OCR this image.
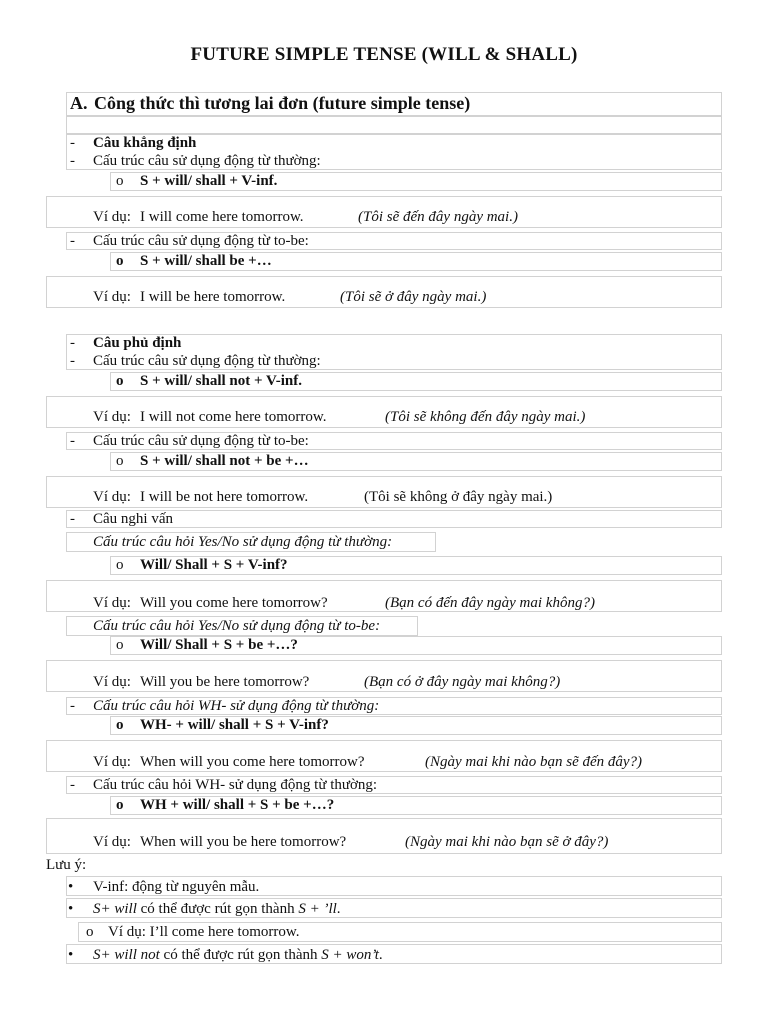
FUTURE SIMPLE TENSE (WILL & SHALL)
A. Công thức thì tương lai đơn (future simple tense)
- Câu khẳng định
- Cấu trúc câu sử dụng động từ thường:
o S + will/ shall + V-inf.
Ví dụ: I will come here tomorrow.	(Tôi sẽ đến đây ngày mai.)
- Cấu trúc câu sử dụng động từ to-be:
o S + will/ shall be +…
Ví dụ: I will be here tomorrow.	(Tôi sẽ ở đây ngày mai.)
- Câu phủ định
- Cấu trúc câu sử dụng động từ thường:
o S + will/ shall not + V-inf.
Ví dụ: I will not come here tomorrow.	(Tôi sẽ không đến đây ngày mai.)
- Cấu trúc câu sử dụng động từ to-be:
o S + will/ shall not + be +…
Ví dụ: I will be not here tomorrow.	(Tôi sẽ không ở đây ngày mai.)
- Câu nghi vấn
Cấu trúc câu hỏi Yes/No sử dụng động từ thường:
o Will/ Shall + S + V-inf?
Ví dụ: Will you come here tomorrow?	(Bạn có đến đây ngày mai không?)
Cấu trúc câu hỏi Yes/No sử dụng động từ to-be:
o Will/ Shall + S + be +…?
Ví dụ: Will you be here tomorrow?	(Bạn có ở đây ngày mai không?)
- Cấu trúc câu hỏi WH- sử dụng động từ thường:
o WH- + will/ shall + S + V-inf?
Ví dụ: When will you come here tomorrow?	(Ngày mai khi nào bạn sẽ đến đây?)
- Cấu trúc câu hỏi WH- sử dụng động từ thường:
o WH + will/ shall + S + be +…?
Ví dụ: When will you be here tomorrow?	(Ngày mai khi nào bạn sẽ ở đây?)
Lưu ý:
• V-inf: động từ nguyên mẫu.
• S+ will có thể được rút gọn thành S + ’ll.
o Ví dụ: I’ll come here tomorrow.
• S+ will not có thể được rút gọn thành S + won’t.
